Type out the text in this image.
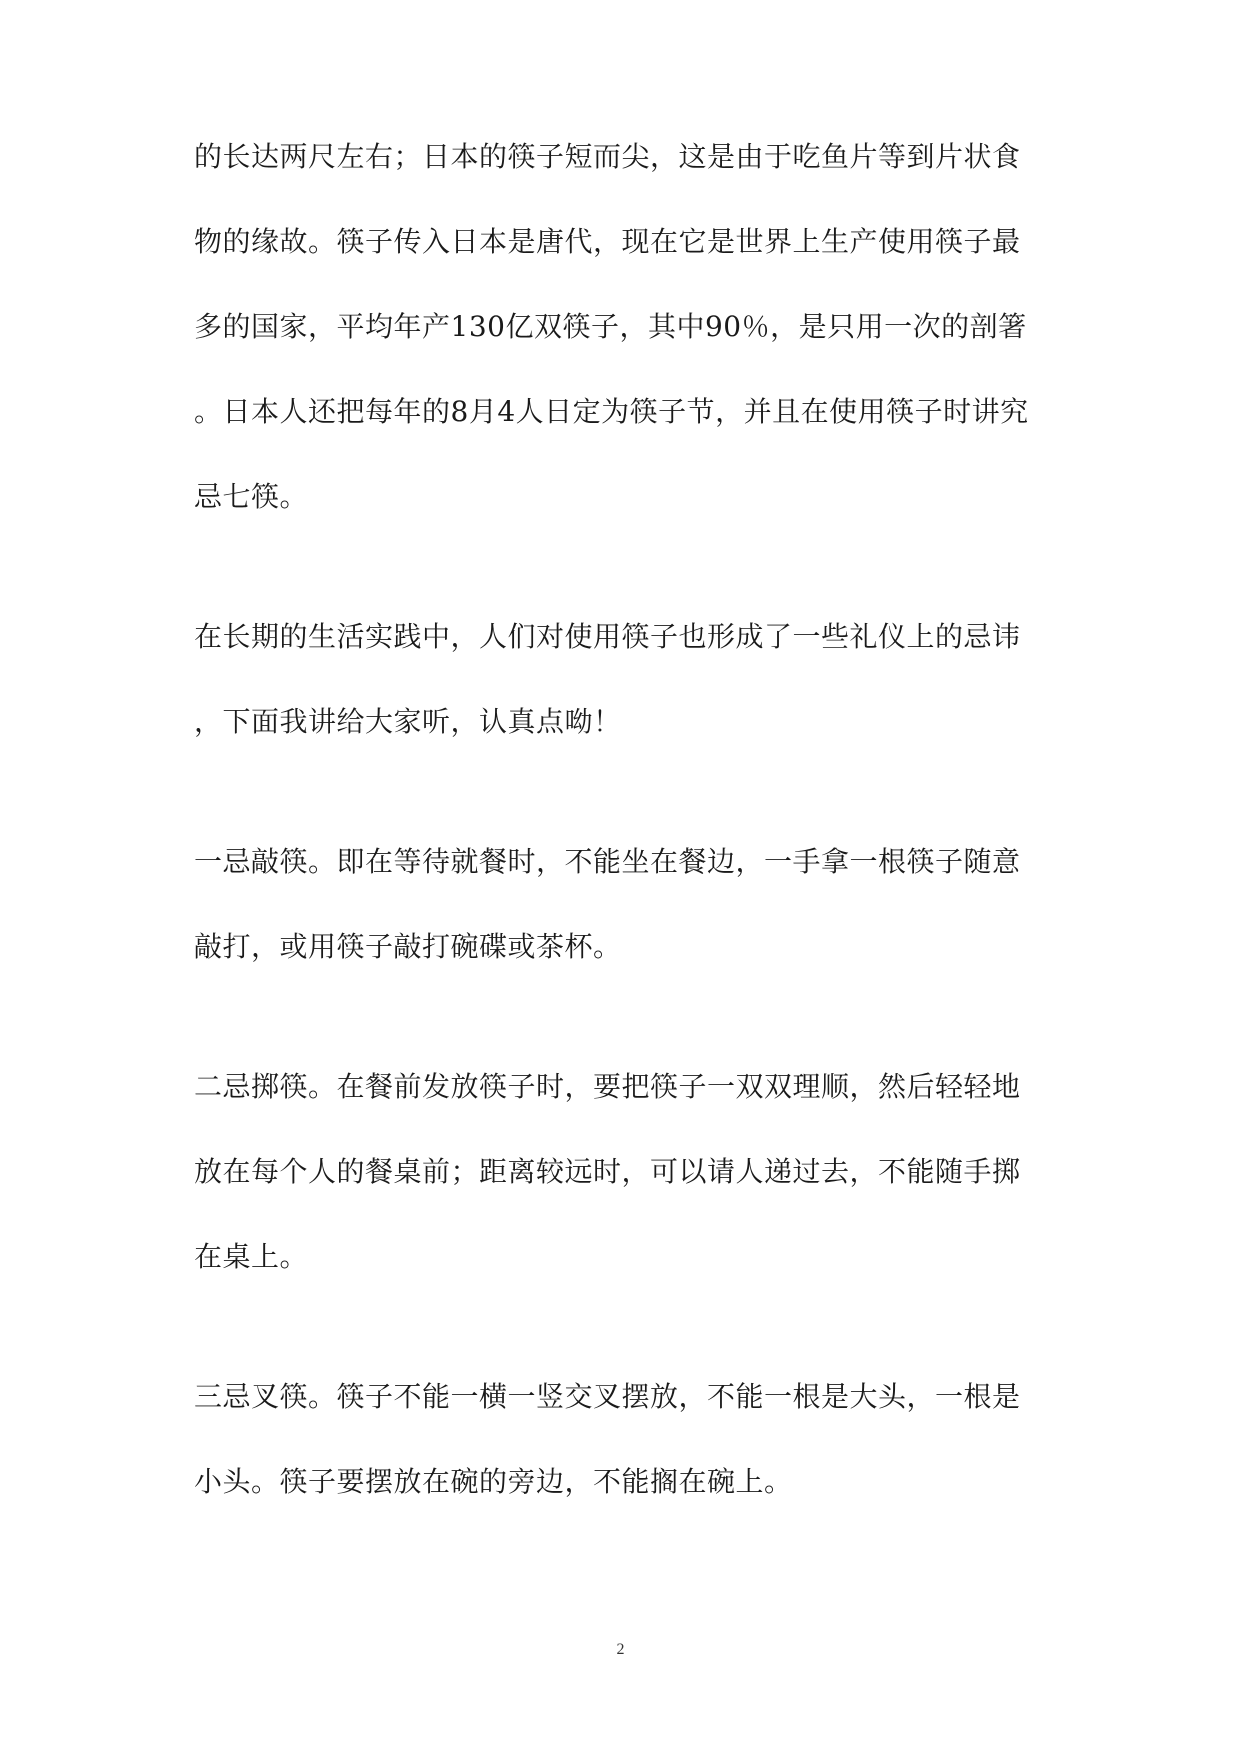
的长达两尺左右；日本的筷子短而尖，这是由于吃鱼片等到片状食
物的缘故。筷子传入日本是唐代，现在它是世界上生产使用筷子最
多的国家，平均年产130亿双筷子，其中90％，是只用一次的剖箸
。日本人还把每年的8月4人日定为筷子节，并且在使用筷子时讲究
忌七筷。
在长期的生活实践中，人们对使用筷子也形成了一些礼仪上的忌讳
，下面我讲给大家听，认真点呦！
一忌敲筷。即在等待就餐时，不能坐在餐边，一手拿一根筷子随意
敲打，或用筷子敲打碗碟或茶杯。
二忌掷筷。在餐前发放筷子时，要把筷子一双双理顺，然后轻轻地
放在每个人的餐桌前；距离较远时，可以请人递过去，不能随手掷
在桌上。
三忌叉筷。筷子不能一横一竖交叉摆放，不能一根是大头，一根是
小头。筷子要摆放在碗的旁边，不能搁在碗上。
2
